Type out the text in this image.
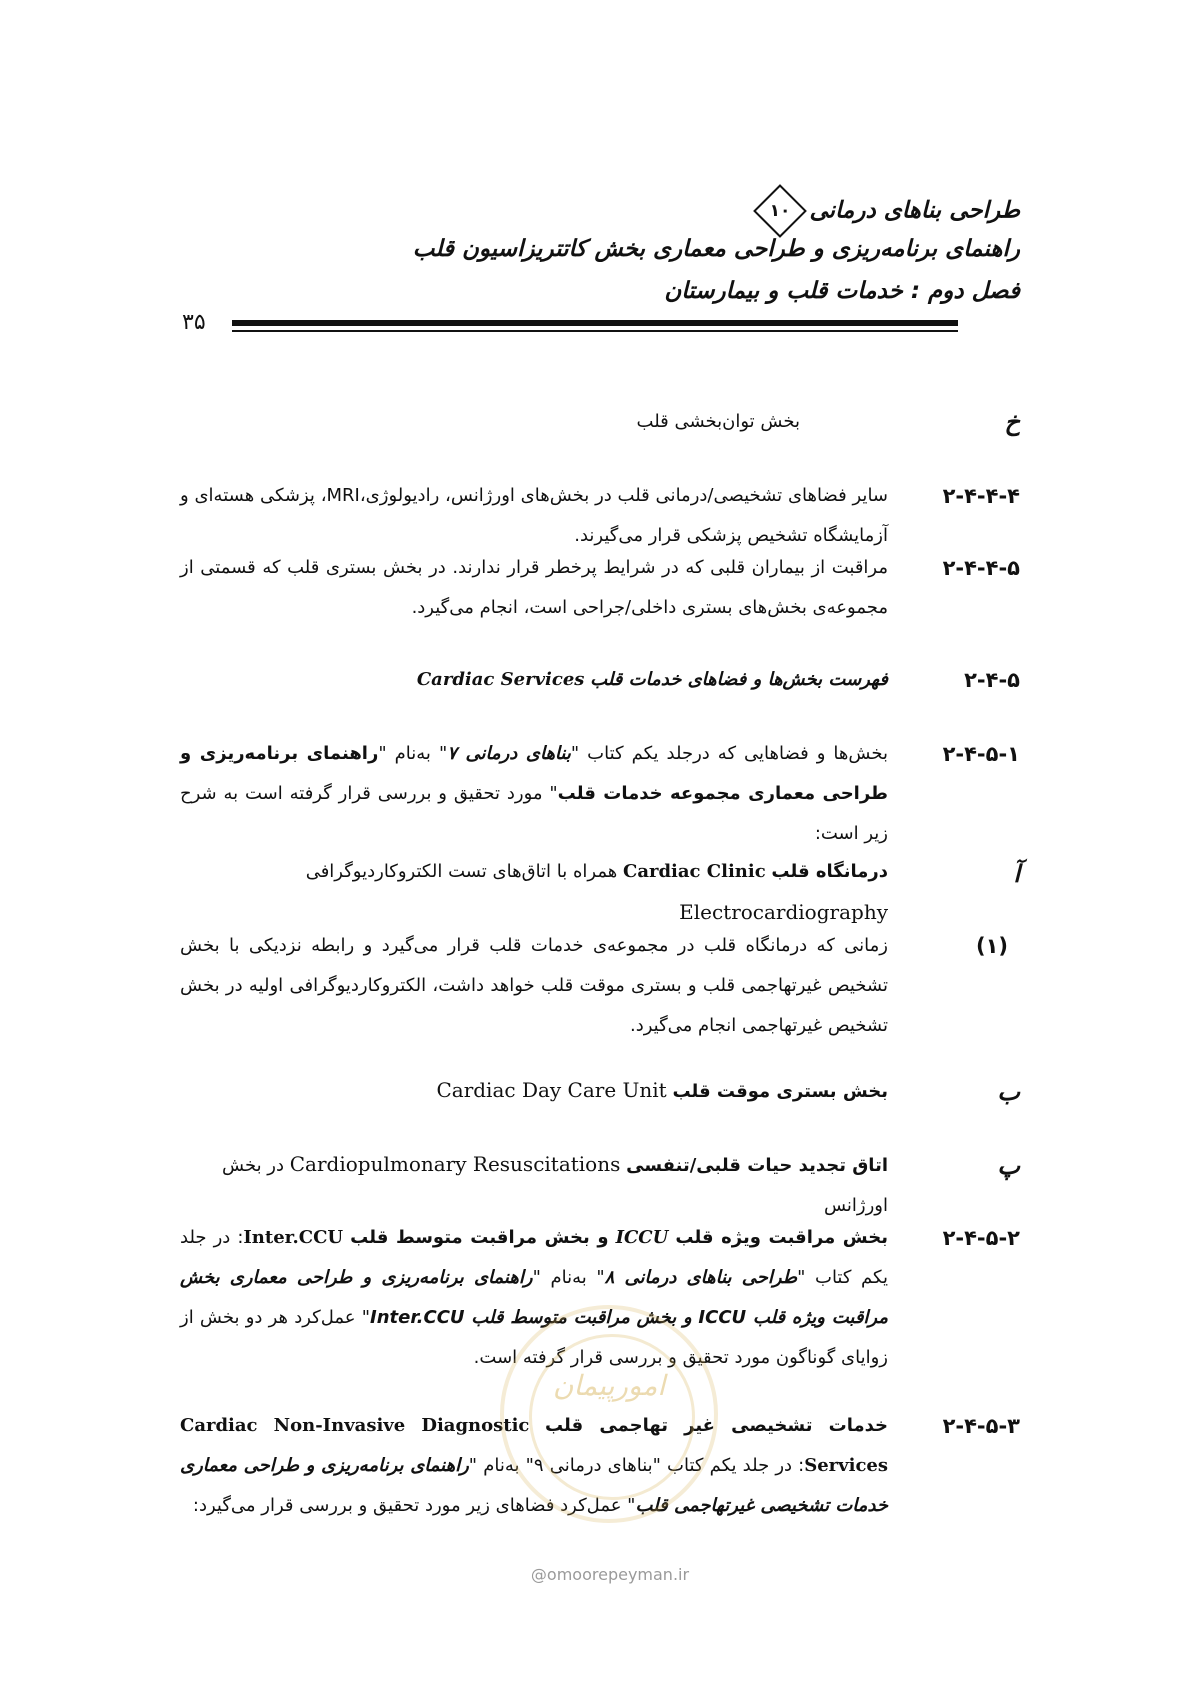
طراحی بناهای درمانی
۱۰
راهنمای برنامه‌ریزی و طراحی معماری بخش کاتتریزاسیون قلب
فصل دوم : خدمات قلب و بیمارستان
۳۵
خ
بخش توان‌بخشی قلب
۲-۴-۴-۴
سایر فضاهای تشخیصی/درمانی قلب در بخش‌های اورژانس، رادیولوژی،MRI، پزشکی هسته‌ای و آزمایشگاه تشخیص پزشکی قرار می‌گیرند.
۲-۴-۴-۵
مراقبت از بیماران قلبی که در شرایط پرخطر قرار ندارند. در بخش بستری قلب که قسمتی از مجموعه‌ی بخش‌های بستری داخلی/جراحی است، انجام می‌گیرد.
۲-۴-۵
فهرست بخش‌ها و فضاهای خدمات قلب Cardiac Services
۲-۴-۵-۱
بخش‌ها و فضاهایی که درجلد یکم کتاب "بناهای درمانی ۷" به‌نام "راهنمای برنامه‌ریزی و طراحی معماری مجموعه خدمات قلب" مورد تحقیق و بررسی قرار گرفته است به شرح زیر است:
آ
درمانگاه قلب Cardiac Clinic همراه با اتاق‌های تست الکتروکاردیوگرافی Electrocardiography
(۱)
زمانی که درمانگاه قلب در مجموعه‌ی خدمات قلب قرار می‌گیرد و رابطه نزدیکی با بخش تشخیص غیرتهاجمی قلب و بستری موقت قلب خواهد داشت، الکتروکاردیوگرافی اولیه در بخش تشخیص غیرتهاجمی انجام می‌گیرد.
ب
بخش بستری موقت قلب Cardiac Day Care Unit
پ
اتاق تجدید حیات قلبی/تنفسی Cardiopulmonary Resuscitations در بخش اورژانس
۲-۴-۵-۲
بخش مراقبت ویژه قلب ICCU و بخش مراقبت متوسط قلب Inter.CCU: در جلد یکم کتاب "طراحی بناهای درمانی ۸" به‌نام "راهنمای برنامه‌ریزی و طراحی معماری بخش مراقبت ویژه قلب ICCU و بخش مراقبت متوسط قلب Inter.CCU" عمل‌کرد هر دو بخش از زوایای گوناگون مورد تحقیق و بررسی قرار گرفته است.
۲-۴-۵-۳
خدمات تشخیصی غیر تهاجمی قلب Cardiac Non-Invasive Diagnostic Services: در جلد یکم کتاب "بناهای درمانی ۹" به‌نام "راهنمای برنامه‌ریزی و طراحی معماری خدمات تشخیصی غیرتهاجمی قلب" عمل‌کرد فضاهای زیر مورد تحقیق و بررسی قرار می‌گیرد:
امورپیمان
@omoorepeyman.ir
